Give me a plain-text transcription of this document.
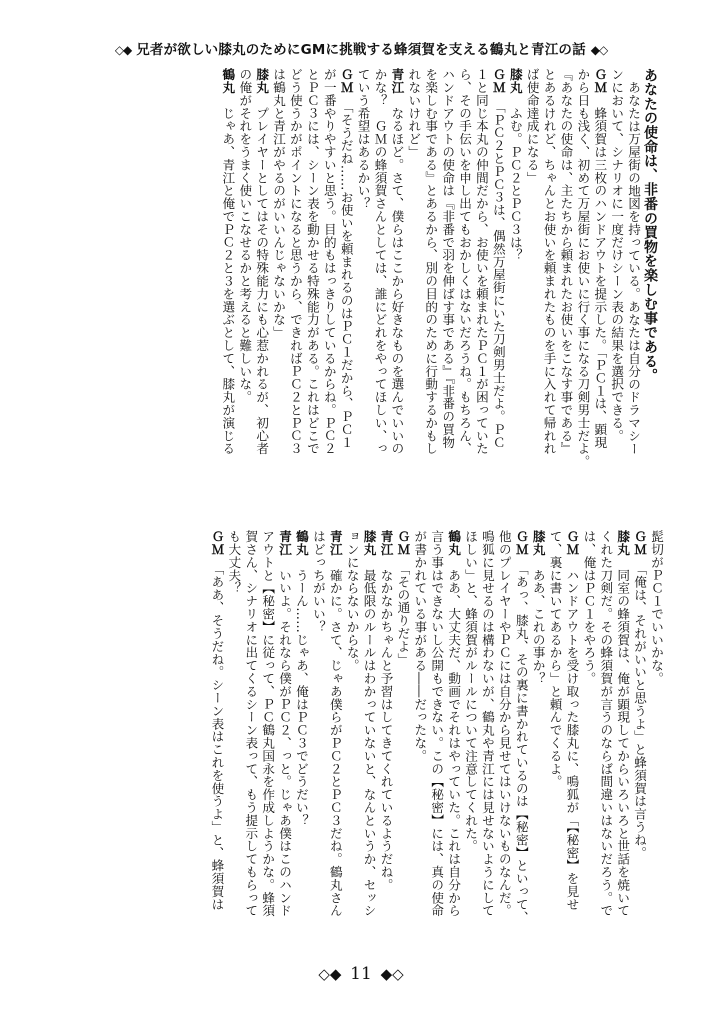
◇◆ 兄者が欲しい膝丸のためにGMに挑戦する蜂須賀を支える鶴丸と青江の話 ◆◇
あなたの使命は、非番の買物を楽しむ事である。
あなたは万屋街の地図を持っている。あなたは自分のドラマシー
ンにおいて、シナリオに一度だけシーン表の結果を選択できる。
ＧＭ　蜂須賀は三枚のハンドアウトを提示した。「ＰＣ１は、顕現
から日も浅く、初めて万屋街にお使いに行く事になる刀剣男士だよ。
『あなたの使命は、主たちから頼まれたお使いをこなす事である』
とあるけれど、ちゃんとお使いを頼まれたものを手に入れて帰れれ
ば使命達成になる」
膝丸　ふむ。ＰＣ２とＰＣ３は？
ＧＭ　「ＰＣ２とＰＣ３は、偶然万屋街にいた刀剣男士だよ。ＰＣ
１と同じ本丸の仲間だから、お使いを頼まれたＰＣ１が困っていた
ら、その手伝いを申し出てもおかしくはないだろうね。もちろん、
ハンドアウトの使命は『非番で羽を伸ばす事である』『非番の買物
を楽しむ事である』とあるから、別の目的のために行動するかもし
れないけれど」
青江　なるほど。さて、僕らはここから好きなものを選んでいいの
かな？　ＧＭの蜂須賀さんとしては、誰にどれをやってほしい、っ
ていう希望はあるかい？
ＧＭ　「そうだね……お使いを頼まれるのはＰＣ１だから、ＰＣ１
が一番やりやすいと思う。目的もはっきりしているからね。ＰＣ２
とＰＣ３には、シーン表を動かせる特殊能力がある。これはどこで
どう使うかがポイントになると思うから、できればＰＣ２とＰＣ３
は鶴丸と青江がやるのがいいんじゃないかな」
膝丸　プレイヤーとしてはその特殊能力にも心惹かれるが、初心者
の俺がそれをうまく使いこなせるかと考えると難しいな。
鶴丸　じゃあ、青江と俺でＰＣ２と３を選ぶとして、膝丸が演じる
髭切がＰＣ１でいいかな。
ＧＭ　「俺は、それがいいと思うよ」と蜂須賀は言うね。
膝丸　同室の蜂須賀は、俺が顕現してからいろいろと世話を焼いて
くれた刀剣だ。その蜂須賀が言うのならば間違いはないだろう。で
は、俺はＰＣ１をやろう。
ＧＭ　ハンドアウトを受け取った膝丸に、鳴狐が「【秘密】を見せ
て、裏に書いてあるから」と頼んでくるよ。
膝丸　ああ、これの事か？
ＧＭ　「あっ、膝丸、その裏に書かれているのは【秘密】といって、
他のプレイヤーやＰＣには自分から見せてはいけないものなんだ。
鳴狐に見せるのは構わないが、鶴丸や青江には見せないようにして
ほしい」と、蜂須賀がルールについて注意してくれた。
鶴丸　ああ、大丈夫だ、動画でそれはやっていた。これは自分から
言う事はできないし公開もできない。この【秘密】には、真の使命
が書かれている事がある――だったな。
ＧＭ　「その通りだよ」
青江　なかなかちゃんと予習はしてきてくれているようだね。
膝丸　最低限のルールはわかっていないと、なんというか、セッシ
ョンにならないからな。
青江　確かに。さて、じゃあ僕らがＰＣ２とＰＣ３だね。鶴丸さん
はどっちがいい？
鶴丸　うーん……じゃあ、俺はＰＣ３でどうだい？
青江　いいよ。それなら僕がＰＣ２、っと。じゃあ僕はこのハンド
アウトと【秘密】に従って、ＰＣ鶴丸国永を作成しようかな。蜂須
賀さん、シナリオに出てくるシーン表って、もう提示してもらって
も大丈夫？
ＧＭ　「ああ、そうだね。シーン表はこれを使うよ」と、蜂須賀は
◇◆ 11 ◆◇
